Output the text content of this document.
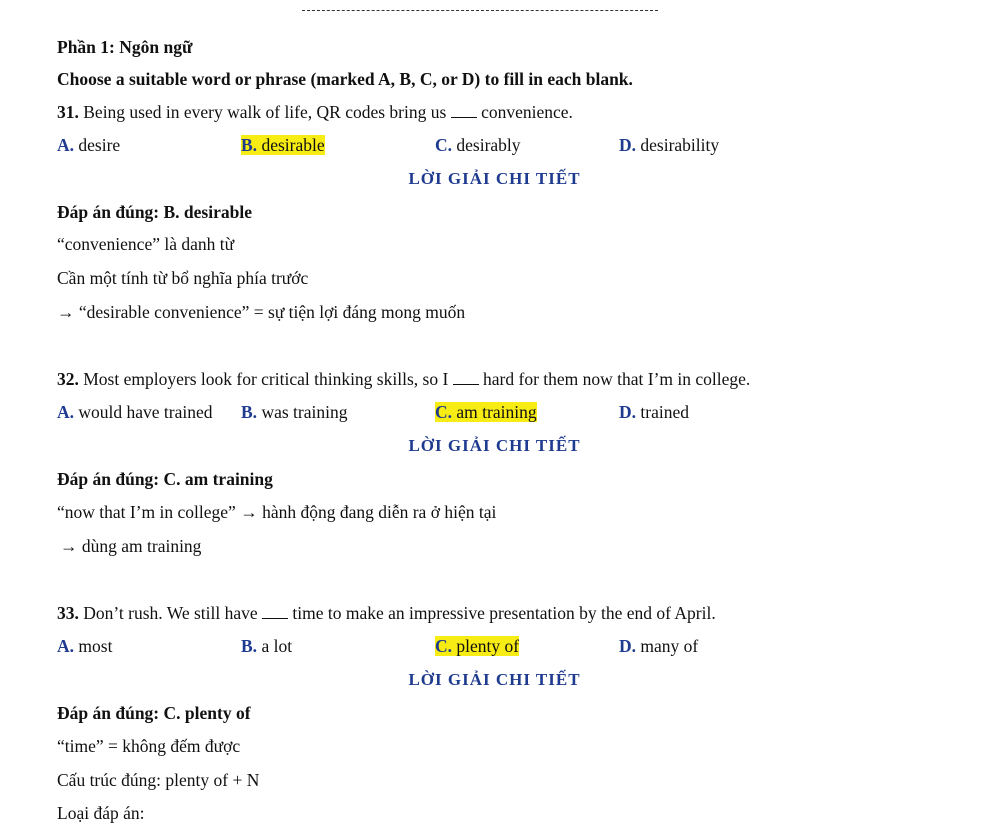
Phần 1: Ngôn ngữ
Choose a suitable word or phrase (marked A, B, C, or D) to fill in each blank.
31. Being used in every walk of life, QR codes bring us  convenience.
A. desire	B. desirable	C. desirably	D. desirability
LỜI GIẢI CHI TIẾT
Đáp án đúng: B. desirable
“convenience” là danh từ
Cần một tính từ bổ nghĩa phía trước
→ “desirable convenience” = sự tiện lợi đáng mong muốn
32. Most employers look for critical thinking skills, so I  hard for them now that I’m in college.
A. would have trained B. was training	C. am training	D. trained
LỜI GIẢI CHI TIẾT
Đáp án đúng: C. am training
“now that I’m in college” → hành động đang diễn ra ở hiện tại
→ dùng am training
33. Don’t rush. We still have  time to make an impressive presentation by the end of April.
A. most	B. a lot	C. plenty of	D. many of
LỜI GIẢI CHI TIẾT
Đáp án đúng: C. plenty of
“time” = không đếm được
Cấu trúc đúng: plenty of + N
Loại đáp án:
